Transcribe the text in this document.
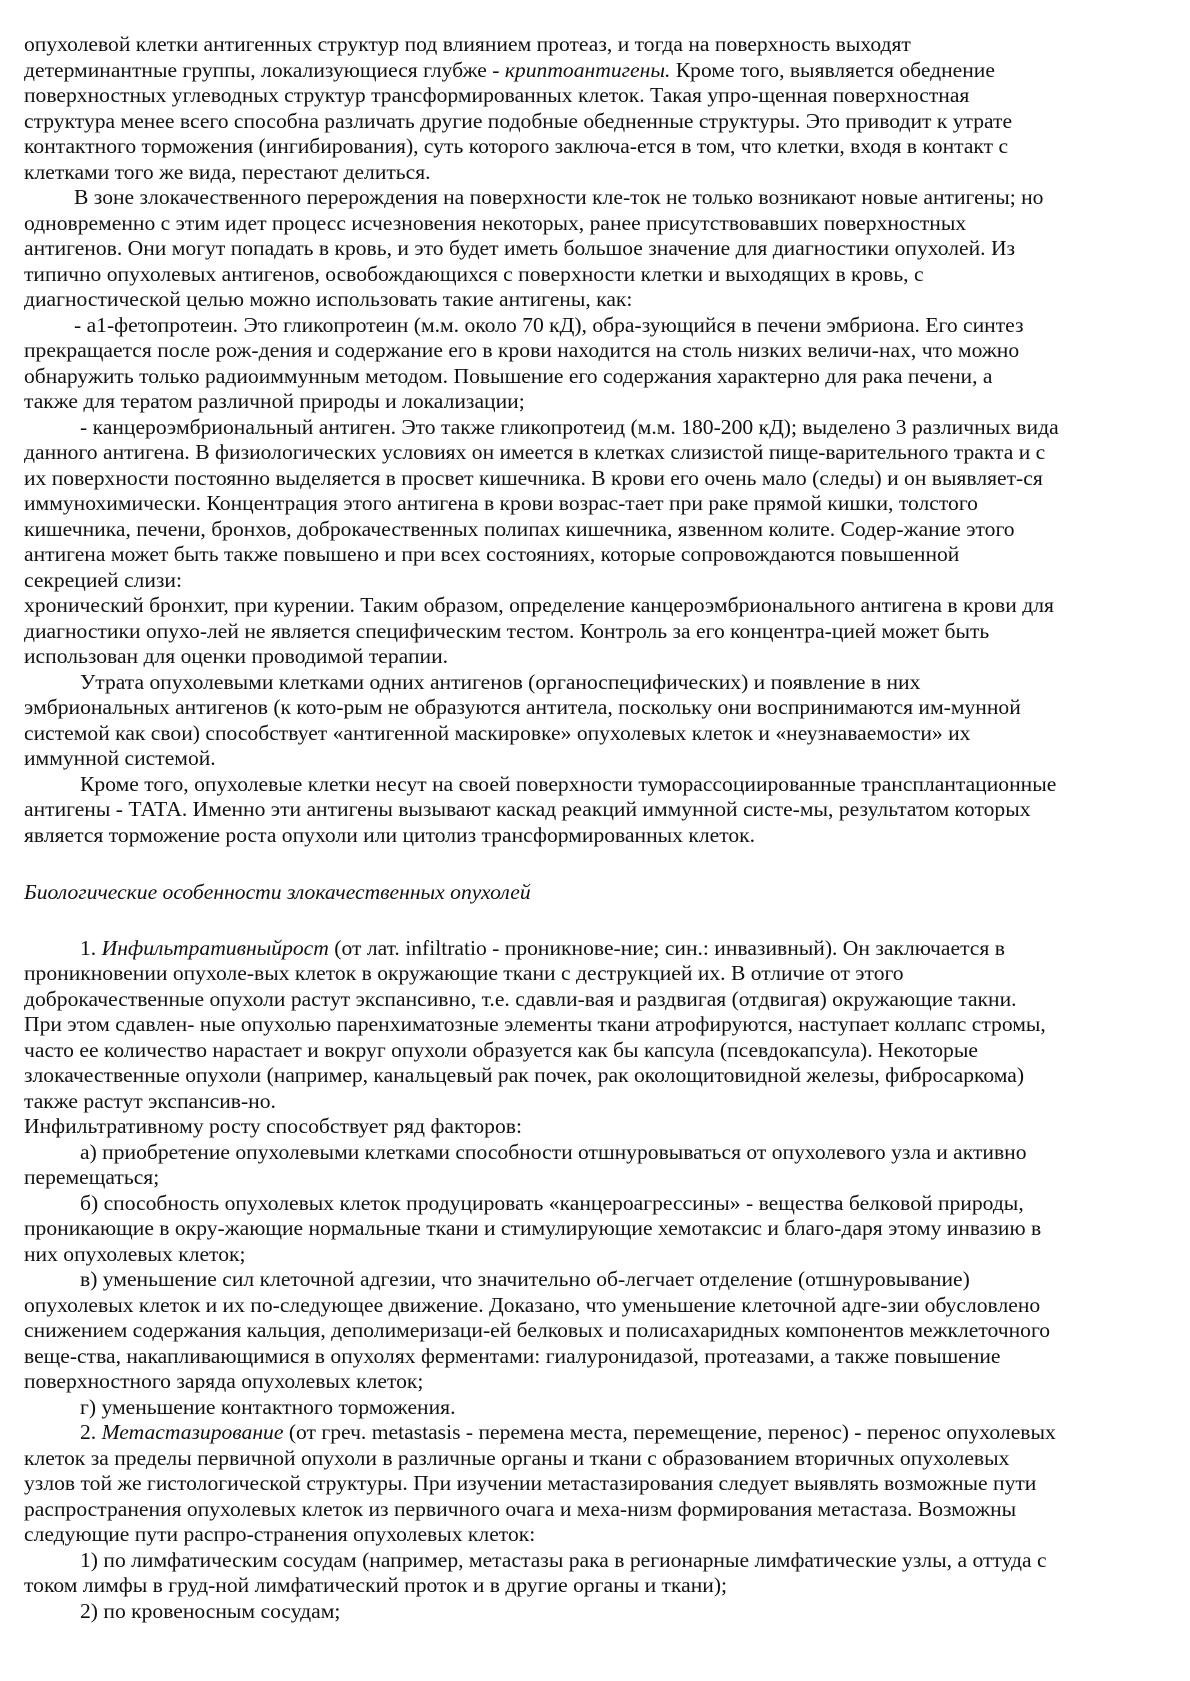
опухолевой клетки антигенных структур под влиянием протеаз, и тогда на поверхность выходят
детерминантные группы, локализующиеся глубже - криптоантигены. Кроме того, выявляется обеднение
поверхностных углеводных структур трансформированных клеток. Такая упро-щенная поверхностная
структура менее всего способна различать другие подобные обедненные структуры. Это приводит к утрате
контактного торможения (ингибирования), суть которого заключа-ется в том, что клетки, входя в контакт с
клетками того же вида, перестают делиться.
В зоне злокачественного перерождения на поверхности кле-ток не только возникают новые антигены; но
одновременно с этим идет процесс исчезновения некоторых, ранее присутствовавших поверхностных
антигенов. Они могут попадать в кровь, и это будет иметь большое значение для диагностики опухолей. Из
типично опухолевых антигенов, освобождающихся с поверхности клетки и выходящих в кровь, с
диагностической целью можно использовать такие антигены, как:
- а1-фетопротеин. Это гликопротеин (м.м. около 70 кД), обра-зующийся в печени эмбриона. Его синтез
прекращается после рож-дения и содержание его в крови находится на столь низких величи-нах, что можно
обнаружить только радиоиммунным методом. Повышение его содержания характерно для рака печени, а
также для тератом различной природы и локализации;
- канцероэмбриональный антиген. Это также гликопротеид (м.м. 180-200 кД); выделено 3 различных вида
данного антигена. В физиологических условиях он имеется в клетках слизистой пище-варительного тракта и с
их поверхности постоянно выделяется в просвет кишечника. В крови его очень мало (следы) и он выявляет-ся
иммунохимически. Концентрация этого антигена в крови возрас-тает при раке прямой кишки, толстого
кишечника, печени, бронхов, доброкачественных полипах кишечника, язвенном колите. Содер-жание этого
антигена может быть также повышено и при всех состояниях, которые сопровождаются повышенной
секрецией слизи:
хронический бронхит, при курении. Таким образом, определение канцероэмбрионального антигена в крови для
диагностики опухо-лей не является специфическим тестом. Контроль за его концентра-цией может быть
использован для оценки проводимой терапии.
Утрата опухолевыми клетками одних антигенов (органоспецифических) и появление в них
эмбриональных антигенов (к кото-рым не образуются антитела, поскольку они воспринимаются им-мунной
системой как свои) способствует «антигенной маскировке» опухолевых клеток и «неузнаваемости» их
иммунной системой.
Кроме того, опухолевые клетки несут на своей поверхности туморассоциированные трансплантационные
антигены - ТАТА. Именно эти антигены вызывают каскад реакций иммунной систе-мы, результатом которых
является торможение роста опухоли или цитолиз трансформированных клеток.
Биологические особенности злокачественных опухолей
1. Инфильтративныйрост (от лат. infiltratio - проникнове-ние; син.: инвазивный). Он заключается в
проникновении опухоле-вых клеток в окружающие ткани с деструкцией их. В отличие от этого
доброкачественные опухоли растут экспансивно, т.е. сдавли-вая и раздвигая (отдвигая) окружающие такни.
При этом сдавлен- ные опухолью паренхиматозные элементы ткани атрофируются, наступает коллапс стромы,
часто ее количество нарастает и вокруг опухоли образуется как бы капсула (псевдокапсула). Некоторые
злокачественные опухоли (например, канальцевый рак почек, рак околощитовидной железы, фибросаркома)
также растут экспансив-но.
Инфильтративному росту способствует ряд факторов:
а) приобретение опухолевыми клетками способности отшнуровываться от опухолевого узла и активно
перемещаться;
б) способность опухолевых клеток продуцировать «канцероагрессины» - вещества белковой природы,
проникающие в окру-жающие нормальные ткани и стимулирующие хемотаксис и благо-даря этому инвазию в
них опухолевых клеток;
в) уменьшение сил клеточной адгезии, что значительно об-легчает отделение (отшнуровывание)
опухолевых клеток и их по-следующее движение. Доказано, что уменьшение клеточной адге-зии обусловлено
снижением содержания кальция, деполимеризаци-ей белковых и полисахаридных компонентов межклеточного
веще-ства, накапливающимися в опухолях ферментами: гиалуронидазой, протеазами, а также повышение
поверхностного заряда опухолевых клеток;
г) уменьшение контактного торможения.
2. Метастазирование (от греч. metastasis - перемена места, перемещение, перенос) - перенос опухолевых
клеток за пределы первичной опухоли в различные органы и ткани с образованием вторичных опухолевых
узлов той же гистологической структуры. При изучении метастазирования следует выявлять возможные пути
распространения опухолевых клеток из первичного очага и меха-низм формирования метастаза. Возможны
следующие пути распро-странения опухолевых клеток:
1) по лимфатическим сосудам (например, метастазы рака в регионарные лимфатические узлы, а оттуда с
током лимфы в груд-ной лимфатический проток и в другие органы и ткани);
2) по кровеносным сосудам;
